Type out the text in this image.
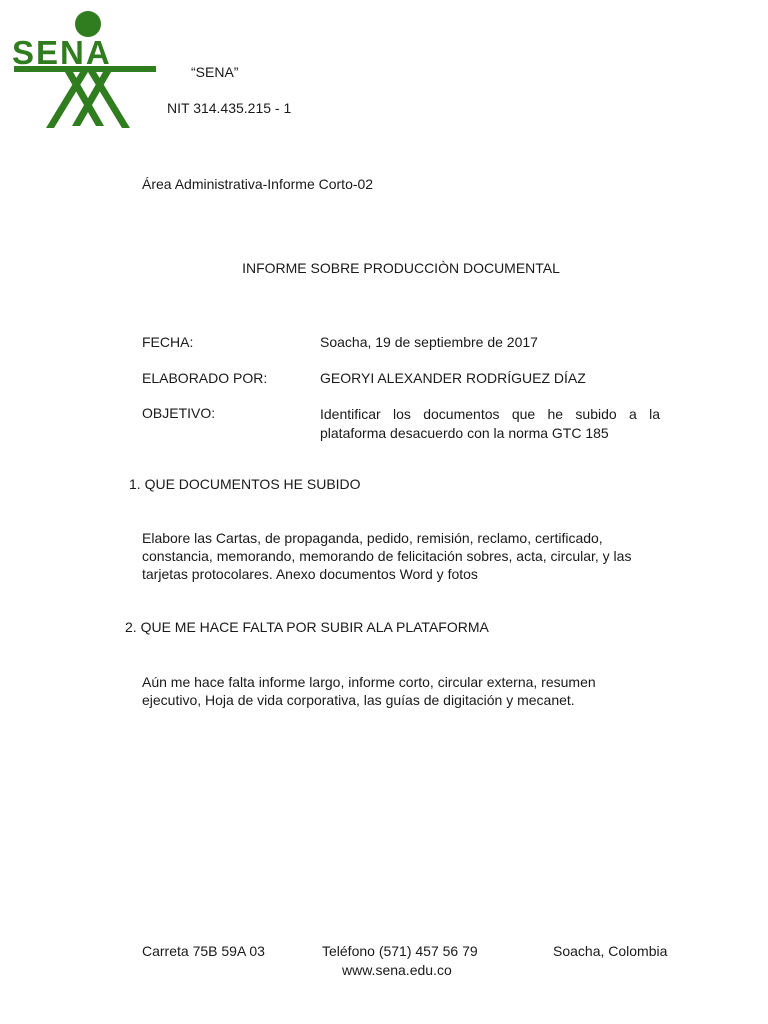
SENA
“SENA”
NIT 314.435.215 - 1
Área Administrativa-Informe Corto-02
INFORME SOBRE PRODUCCIÒN DOCUMENTAL
FECHA:	Soacha, 19 de septiembre de 2017
ELABORADO POR:	GEORYI ALEXANDER RODRÍGUEZ DÍAZ
OBJETIVO:	Identificar los documentos que he subido a la plataforma desacuerdo con la norma GTC 185
1. QUE DOCUMENTOS HE SUBIDO
Elabore las Cartas, de propaganda, pedido, remisión, reclamo, certificado, constancia, memorando, memorando de felicitación sobres, acta, circular, y las tarjetas protocolares. Anexo documentos Word y fotos
2. QUE ME HACE FALTA POR SUBIR ALA PLATAFORMA
Aún me hace falta informe largo, informe corto, circular externa, resumen ejecutivo, Hoja de vida corporativa, las guías de digitación y mecanet.
Carreta 75B 59A 03	Teléfono (571) 457 56 79	Soacha, Colombia
www.sena.edu.co
